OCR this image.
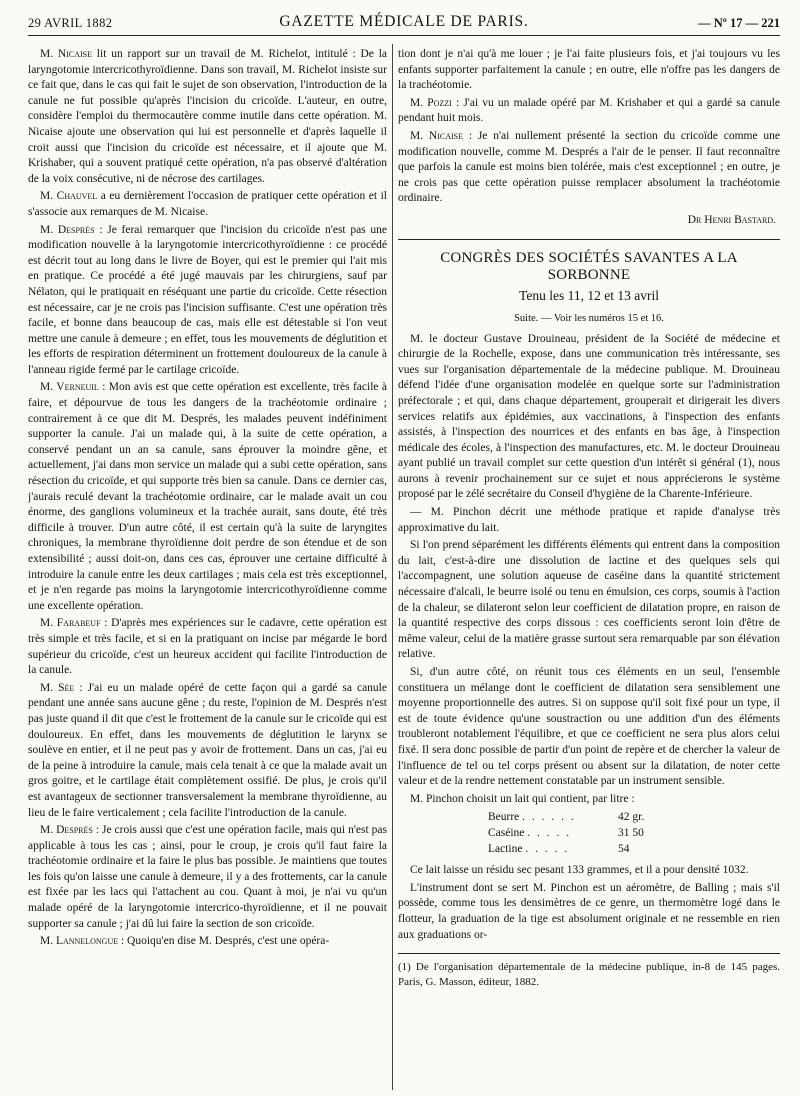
29 AVRIL 1882	GAZETTE MÉDICALE DE PARIS.	— Nº 17 — 221

M. Nicaise lit un rapport sur un travail de M. Richelot, intitulé : De la laryngotomie intercricothyroïdienne. Dans son travail, M. Richelot insiste sur ce fait que, dans le cas qui fait le sujet de son observation, l'introduction de la canule ne fut possible qu'après l'incision du cricoïde. L'auteur, en outre, considère l'emploi du thermocautère comme inutile dans cette opération. M. Nicaise ajoute une observation qui lui est personnelle et d'après laquelle il croit aussi que l'incision du cricoïde est nécessaire, et il ajoute que M. Krishaber, qui a souvent pratiqué cette opération, n'a pas observé d'altération de la voix consécutive, ni de nécrose des cartilages.

M. Chauvel a eu dernièrement l'occasion de pratiquer cette opération et il s'associe aux remarques de M. Nicaise.

M. Després : Je ferai remarquer que l'incision du cricoïde n'est pas une modification nouvelle à la laryngotomie intercricothyroïdienne : ce procédé est décrit tout au long dans le livre de Boyer, qui est le premier qui l'ait mis en pratique. Ce procédé a été jugé mauvais par les chirurgiens, sauf par Nélaton, qui le pratiquait en réséquant une partie du cricoïde. Cette résection est nécessaire, car je ne crois pas l'incision suffisante. C'est une opération très facile, et bonne dans beaucoup de cas, mais elle est détestable si l'on veut mettre une canule à demeure ; en effet, tous les mouvements de déglutition et les efforts de respiration déterminent un frottement douloureux de la canule à l'anneau rigide fermé par le cartilage cricoïde.

M. Verneuil : Mon avis est que cette opération est excellente, très facile à faire, et dépourvue de tous les dangers de la trachéotomie ordinaire ; contrairement à ce que dit M. Després, les malades peuvent indéfiniment supporter la canule. J'ai un malade qui, à la suite de cette opération, a conservé pendant un an sa canule, sans éprouver la moindre gêne, et actuellement, j'ai dans mon service un malade qui a subi cette opération, sans résection du cricoïde, et qui supporte très bien sa canule. Dans ce dernier cas, j'aurais reculé devant la trachéotomie ordinaire, car le malade avait un cou énorme, des ganglions volumineux et la trachée aurait, sans doute, été très difficile à trouver. D'un autre côté, il est certain qu'à la suite de laryngites chroniques, la membrane thyroïdienne doit perdre de son étendue et de son extensibilité ; aussi doit-on, dans ces cas, éprouver une certaine difficulté à introduire la canule entre les deux cartilages ; mais cela est très exceptionnel, et je n'en regarde pas moins la laryngotomie intercricothyroïdienne comme une excellente opération.

M. Farabeuf : D'après mes expériences sur le cadavre, cette opération est très simple et très facile, et si en la pratiquant on incise par mégarde le bord supérieur du cricoïde, c'est un heureux accident qui facilite l'introduction de la canule.

M. Sée : J'ai eu un malade opéré de cette façon qui a gardé sa canule pendant une année sans aucune gêne ; du reste, l'opinion de M. Després n'est pas juste quand il dit que c'est le frottement de la canule sur le cricoïde qui est douloureux. En effet, dans les mouvements de déglutition le larynx se soulève en entier, et il ne peut pas y avoir de frottement. Dans un cas, j'ai eu de la peine à introduire la canule, mais cela tenait à ce que la malade avait un gros goitre, et le cartilage était complètement ossifié. De plus, je crois qu'il est avantageux de sectionner transversalement la membrane thyroïdienne, au lieu de le faire verticalement ; cela facilite l'introduction de la canule.

M. Després : Je crois aussi que c'est une opération facile, mais qui n'est pas applicable à tous les cas ; ainsi, pour le croup, je crois qu'il faut faire la trachéotomie ordinaire et la faire le plus bas possible. Je maintiens que toutes les fois qu'on laisse une canule à demeure, il y a des frottements, car la canule est fixée par les lacs qui l'attachent au cou. Quant à moi, je n'ai vu qu'un malade opéré de la laryngotomie intercrico-thyroïdienne, et il ne pouvait supporter sa canule ; j'ai dû lui faire la section de son cricoïde.

M. Lannelongue : Quoiqu'en dise M. Després, c'est une opéra-

tion dont je n'ai qu'à me louer ; je l'ai faite plusieurs fois, et j'ai toujours vu les enfants supporter parfaitement la canule ; en outre, elle n'offre pas les dangers de la trachéotomie.

M. Pozzi : J'ai vu un malade opéré par M. Krishaber et qui a gardé sa canule pendant huit mois.

M. Nicaise : Je n'ai nullement présenté la section du cricoïde comme une modification nouvelle, comme M. Després a l'air de le penser. Il faut reconnaître que parfois la canule est moins bien tolérée, mais c'est exceptionnel ; en outre, je ne crois pas que cette opération puisse remplacer absolument la trachéotomie ordinaire.

Dr Henri Bastard.

CONGRÈS DES SOCIÉTÉS SAVANTES A LA SORBONNE
Tenu les 11, 12 et 13 avril
Suite. — Voir les numéros 15 et 16.

M. le docteur Gustave Drouineau, président de la Société de médecine et chirurgie de la Rochelle, expose, dans une communication très intéressante, ses vues sur l'organisation départementale de la médecine publique. M. Drouineau défend l'idée d'une organisation modelée en quelque sorte sur l'administration préfectorale ; et qui, dans chaque département, grouperait et dirigerait les divers services relatifs aux épidémies, aux vaccinations, à l'inspection des enfants assistés, à l'inspection des nourrices et des enfants en bas âge, à l'inspection médicale des écoles, à l'inspection des manufactures, etc. M. le docteur Drouineau ayant publié un travail complet sur cette question d'un intérêt si général (1), nous aurons à revenir prochainement sur ce sujet et nous apprécierons le système proposé par le zélé secrétaire du Conseil d'hygiène de la Charente-Inférieure.

— M. Pinchon décrit une méthode pratique et rapide d'analyse très approximative du lait.

Si l'on prend séparément les différents éléments qui entrent dans la composition du lait, c'est-à-dire une dissolution de lactine et des quelques sels qui l'accompagnent, une solution aqueuse de caséine dans la quantité strictement nécessaire d'alcali, le beurre isolé ou tenu en émulsion, ces corps, soumis à l'action de la chaleur, se dilateront selon leur coefficient de dilatation propre, en raison de la quantité respective des corps dissous : ces coefficients seront loin d'être de même valeur, celui de la matière grasse surtout sera remarquable par son élévation relative.

Si, d'un autre côté, on réunit tous ces éléments en un seul, l'ensemble constituera un mélange dont le coefficient de dilatation sera sensiblement une moyenne proportionnelle des autres. Si on suppose qu'il soit fixé pour un type, il est de toute évidence qu'une soustraction ou une addition d'un des éléments troubleront notablement l'équilibre, et que ce coefficient ne sera plus alors celui fixé. Il sera donc possible de partir d'un point de repère et de chercher la valeur de l'influence de tel ou tel corps présent ou absent sur la dilatation, de noter cette valeur et de la rendre nettement constatable par un instrument sensible.

M. Pinchon choisit un lait qui contient, par litre :

Beurre . . . . . .	42 gr.
Caséine . . . . .	31 50
Lactine . . . . .	54

Ce lait laisse un résidu sec pesant 133 grammes, et il a pour densité 1032.

L'instrument dont se sert M. Pinchon est un aéromètre, de Balling ; mais s'il possède, comme tous les densimètres de ce genre, un thermomètre logé dans le flotteur, la graduation de la tige est absolument originale et ne ressemble en rien aux graduations or-

(1) De l'organisation départementale de la médecine publique, in-8 de 145 pages. Paris, G. Masson, éditeur, 1882.
